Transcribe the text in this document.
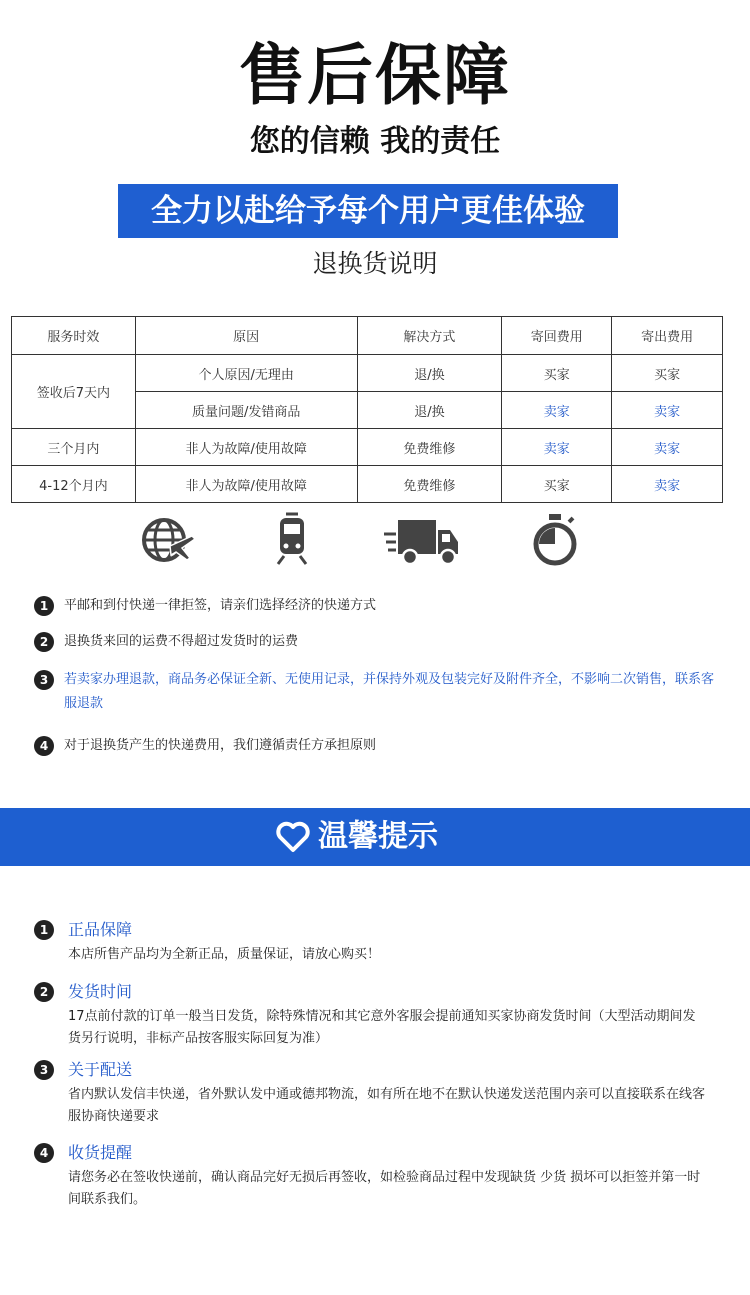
售后保障
您的信赖 我的责任
全力以赴给予每个用户更佳体验
退换货说明
服务时效	原因	解决方式	寄回费用	寄出费用
签收后7天内	个人原因/无理由	退/换	买家	买家
	质量问题/发错商品	退/换	卖家	卖家
三个月内	非人为故障/使用故障	免费维修	卖家	卖家
4-12个月内	非人为故障/使用故障	免费维修	买家	卖家
1	平邮和到付快递一律拒签，请亲们选择经济的快递方式
2	退换货来回的运费不得超过发货时的运费
3	若卖家办理退款，商品务必保证全新、无使用记录，并保持外观及包装完好及附件齐全，不影响二次销售，联系客服退款
4	对于退换货产生的快递费用，我们遵循责任方承担原则
温馨提示
1	正品保障
本店所售产品均为全新正品，质量保证，请放心购买！
2	发货时间
17点前付款的订单一般当日发货，除特殊情况和其它意外客服会提前通知买家协商发货时间（大型活动期间发货另行说明，非标产品按客服实际回复为准）
3	关于配送
省内默认发信丰快递，省外默认发中通或德邦物流，如有所在地不在默认快递发送范围内亲可以直接联系在线客服协商快递要求
4	收货提醒
请您务必在签收快递前，确认商品完好无损后再签收，如检验商品过程中发现缺货 少货 损坏可以拒签并第一时间联系我们。
